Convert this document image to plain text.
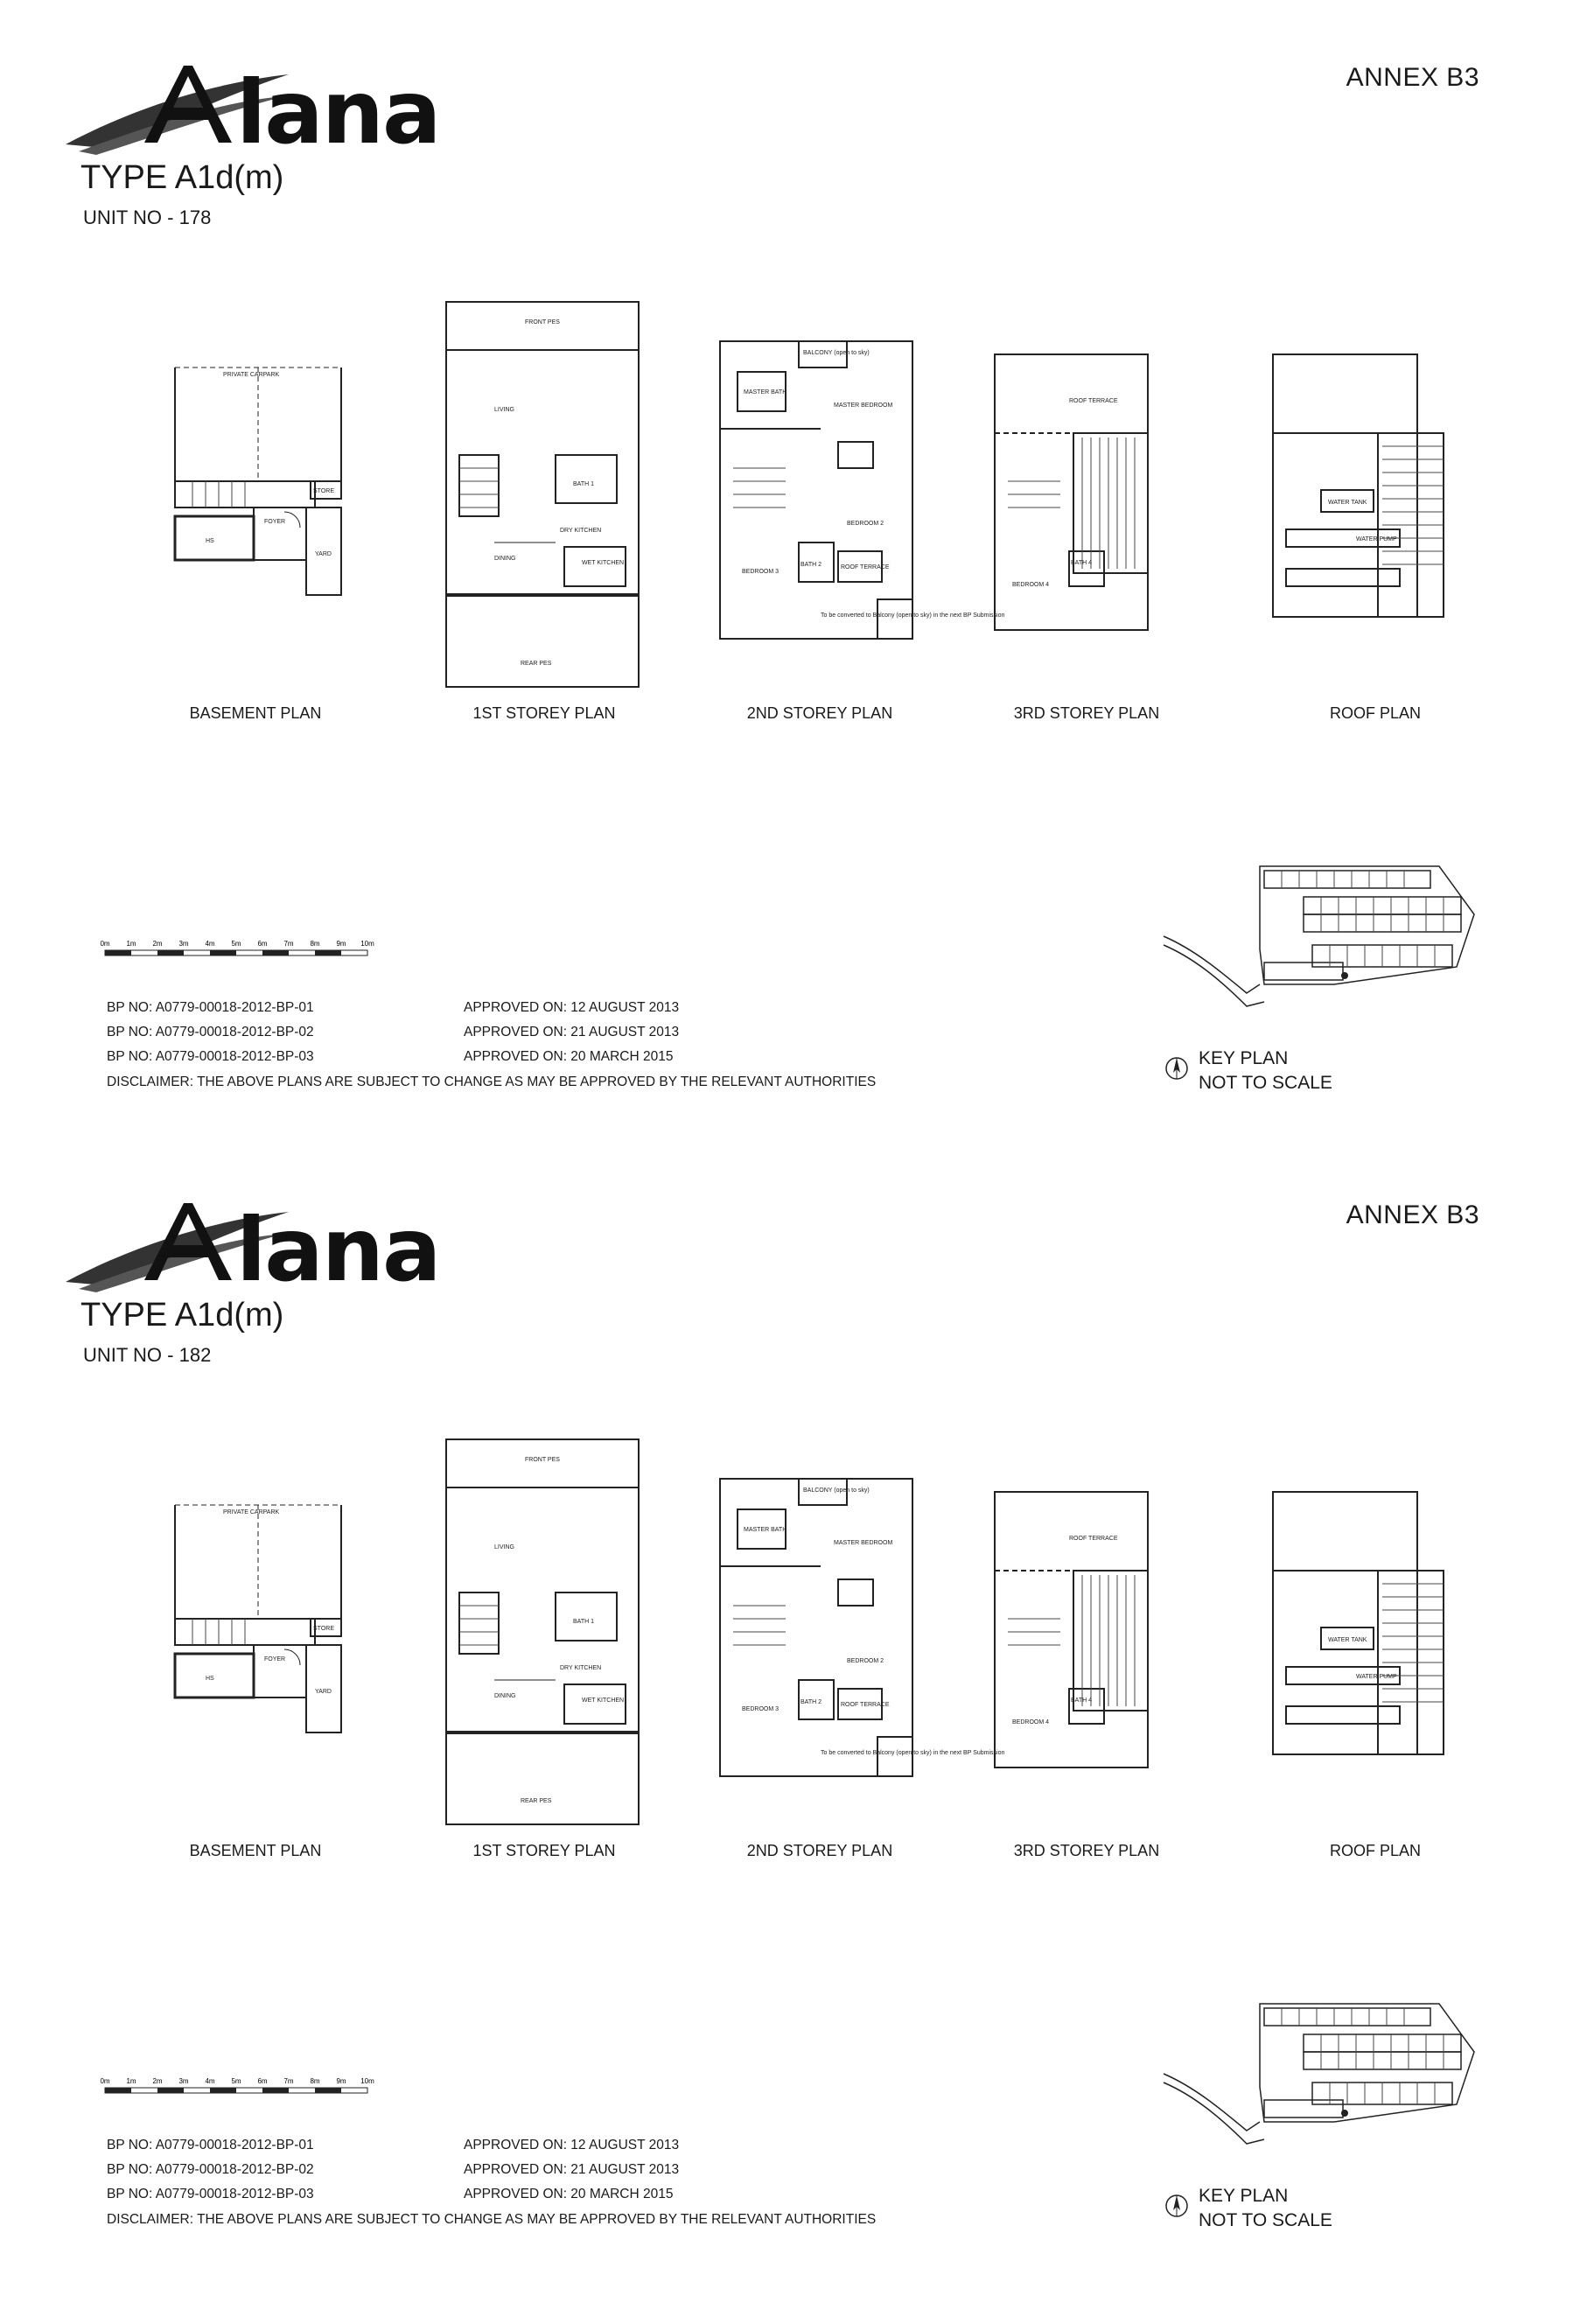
lana	ANNEX B3
TYPE A1d(m)
UNIT NO - 178
PRIVATE CARPARK
STORE
FOYER
HS
YARD
FRONT PES
LIVING
BATH 1
DRY KITCHEN
DINING
WET KITCHEN
REAR PES
BALCONY (open to sky)
MASTER BATH
MASTER BEDROOM
BEDROOM 2
BEDROOM 3
BATH 2	ROOF TERRACE
To be converted to Balcony (open to sky) in the next BP Submission
ROOF TERRACE
BEDROOM 4
BATH 4
WATER TANK
WATER PUMP
BASEMENT PLAN	1ST STOREY PLAN	2ND STOREY PLAN	3RD STOREY PLAN	ROOF PLAN
0m 1m 2m 3m 4m 5m 6m 7m 8m 9m 10m
BP NO: A0779-00018-2012-BP-01	APPROVED ON: 12 AUGUST 2013
BP NO: A0779-00018-2012-BP-02	APPROVED ON: 21 AUGUST 2013
BP NO: A0779-00018-2012-BP-03	APPROVED ON: 20 MARCH 2015
DISCLAIMER: THE ABOVE PLANS ARE SUBJECT TO CHANGE AS MAY BE APPROVED BY THE RELEVANT AUTHORITIES
KEY PLAN
NOT TO SCALE
lana	ANNEX B3
TYPE A1d(m)
UNIT NO - 182
PRIVATE CARPARK
STORE
FOYER
HS
YARD
FRONT PES
LIVING
BATH 1
DRY KITCHEN
DINING
WET KITCHEN
REAR PES
BALCONY (open to sky)
MASTER BATH
MASTER BEDROOM
BEDROOM 2
BEDROOM 3
BATH 2	ROOF TERRACE
To be converted to Balcony (open to sky) in the next BP Submission
ROOF TERRACE
BEDROOM 4
BATH 4
WATER TANK
WATER PUMP
BASEMENT PLAN	1ST STOREY PLAN	2ND STOREY PLAN	3RD STOREY PLAN	ROOF PLAN
0m 1m 2m 3m 4m 5m 6m 7m 8m 9m 10m
BP NO: A0779-00018-2012-BP-01	APPROVED ON: 12 AUGUST 2013
BP NO: A0779-00018-2012-BP-02	APPROVED ON: 21 AUGUST 2013
BP NO: A0779-00018-2012-BP-03	APPROVED ON: 20 MARCH 2015
DISCLAIMER: THE ABOVE PLANS ARE SUBJECT TO CHANGE AS MAY BE APPROVED BY THE RELEVANT AUTHORITIES
KEY PLAN
NOT TO SCALE
